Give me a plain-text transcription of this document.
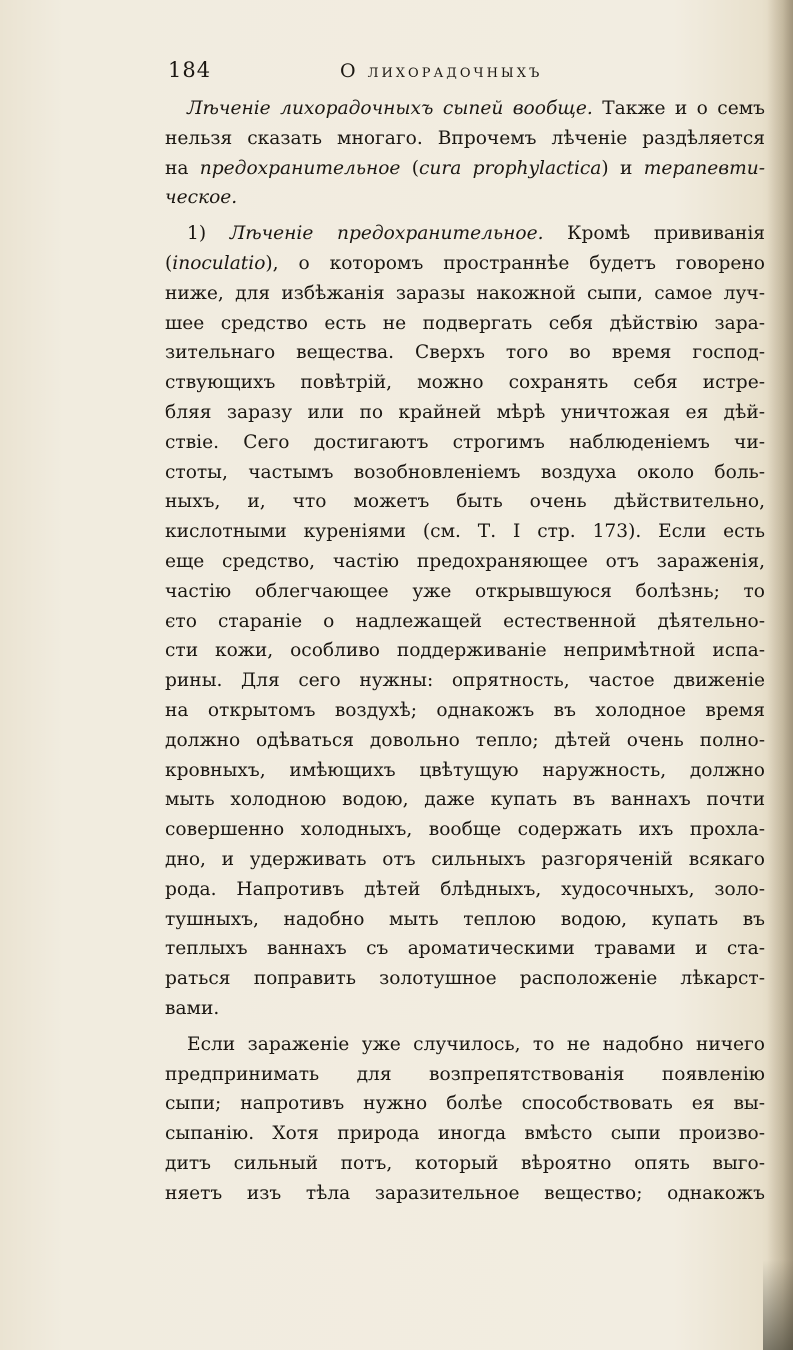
184	О лихорадочныхъ
Лѣченіе лихорадочныхъ сыпей вообще. Также и о семъ
нельзя сказать многаго. Впрочемъ лѣченіе раздѣляется
на предохранительное (cura prophylactica) и терапевти-
ческое.
1) Лѣченіе предохранительное. Кромѣ прививанія
(inoculatio), о которомъ пространнѣе будетъ говорено
ниже, для избѣжанія заразы накожной сыпи, самое луч-
шее средство есть не подвергать себя дѣйствію зара-
зительнаго вещества. Сверхъ того во время господ-
ствующихъ повѣтрій, можно сохранять себя истре-
бляя заразу или по крайней мѣрѣ уничтожая ея дѣй-
ствіе. Сего достигаютъ строгимъ наблюденіемъ чи-
стоты, частымъ возобновленіемъ воздуха около боль-
ныхъ, и, что можетъ быть очень дѣйствительно,
кислотными куреніями (см. Т. I стр. 173). Если есть
еще средство, частію предохраняющее отъ зараженія,
частію облегчающее уже открывшуюся болѣзнь; то
єто стараніе о надлежащей естественной дѣятельно-
сти кожи, особливо поддерживаніе непримѣтной испа-
рины. Для сего нужны: опрятность, частое движеніе
на открытомъ воздухѣ; однакожъ въ холодное время
должно одѣваться довольно тепло; дѣтей очень полно-
кровныхъ, имѣющихъ цвѣтущую наружность, должно
мыть холодною водою, даже купать въ ваннахъ почти
совершенно холодныхъ, вообще содержать ихъ прохла-
дно, и удерживать отъ сильныхъ разгоряченій всякаго
рода. Напротивъ дѣтей блѣдныхъ, худосочныхъ, золо-
тушныхъ, надобно мыть теплою водою, купать въ
теплыхъ ваннахъ съ ароматическими травами и ста-
раться поправить золотушное расположеніе лѣкарст-
вами.
Если зараженіе уже случилось, то не надобно ничего
предпринимать для возпрепятствованія появленію
сыпи; напротивъ нужно болѣе способствовать ея вы-
сыпанію. Хотя природа иногда вмѣсто сыпи произво-
дитъ сильный потъ, который вѣроятно опять выго-
няетъ изъ тѣла заразительное вещество; однакожъ
